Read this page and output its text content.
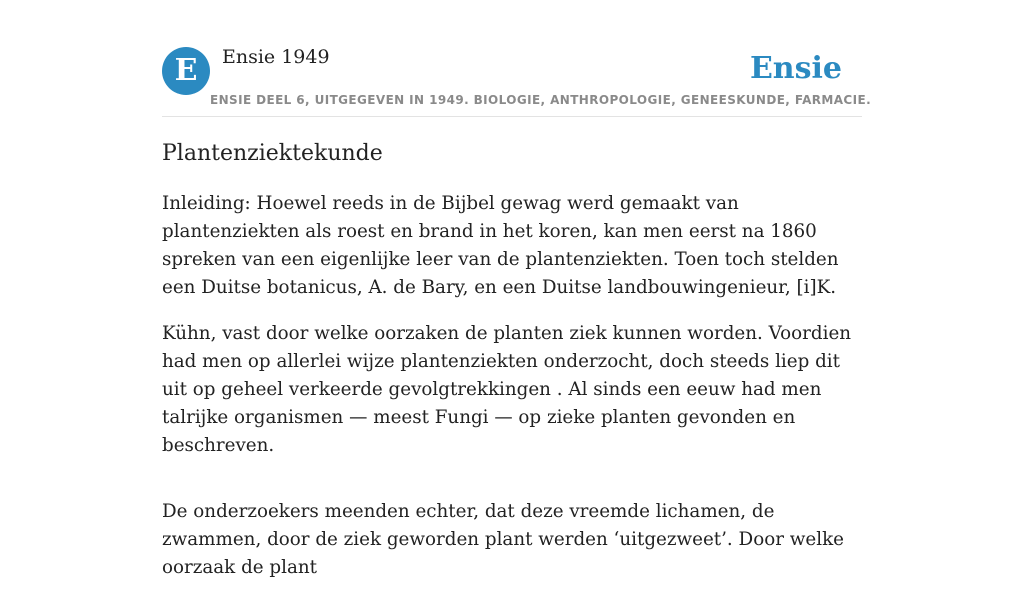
E	Ensie 1949	Ensie
ENSIE DEEL 6, UITGEGEVEN IN 1949. BIOLOGIE, ANTHROPOLOGIE, GENEESKUNDE, FARMACIE.
Plantenziektekunde

Inleiding: Hoewel reeds in de Bijbel gewag werd gemaakt van plantenziekten als roest en brand in het koren, kan men eerst na 1860 spreken van een eigenlijke leer van de plantenziekten. Toen toch stelden een Duitse botanicus, A. de Bary, en een Duitse landbouwingenieur, [i]K.

Kühn, vast door welke oorzaken de planten ziek kunnen worden. Voordien had men op allerlei wijze plantenziekten onderzocht, doch steeds liep dit uit op geheel verkeerde gevolgtrekkingen . Al sinds een eeuw had men talrijke organismen — meest Fungi — op zieke planten gevonden en beschreven.

De onderzoekers meenden echter, dat deze vreemde lichamen, de zwammen, door de ziek geworden plant werden ‘uitgezweet’. Door welke oorzaak de plant
